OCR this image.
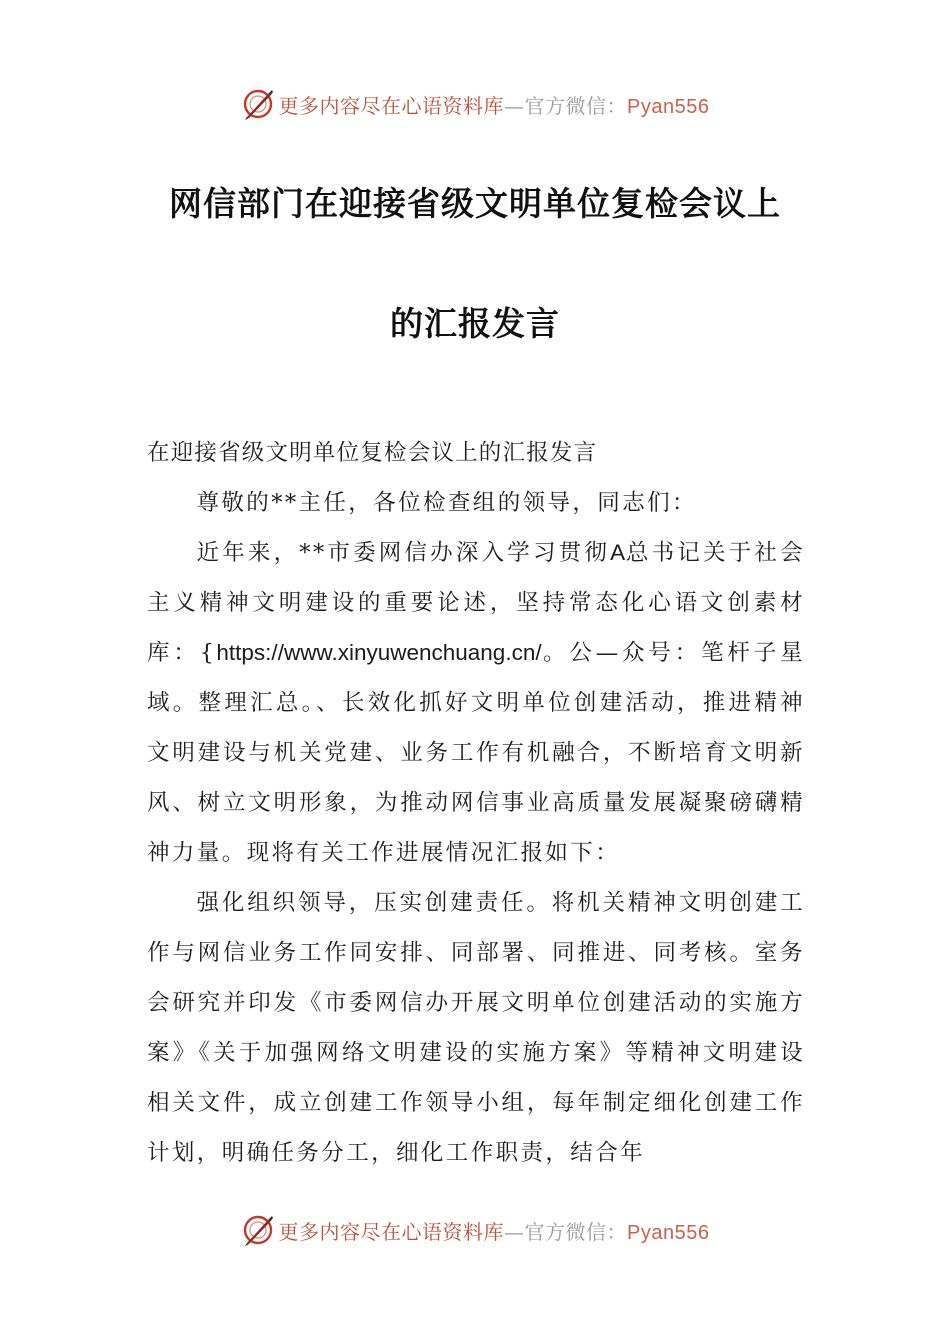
更多内容尽在心语资料库—官方微信：Pyan556
网信部门在迎接省级文明单位复检会议上
的汇报发言

在迎接省级文明单位复检会议上的汇报发言

尊敬的**主任，各位检查组的领导，同志们：

近年来，**市委网信办深入学习贯彻A总书记关于社会主义精神文明建设的重要论述，坚持常态化心语文创素材库：{https://www.xinyuwenchuang.cn/。公—众号：笔杆子星域。整理汇总。、长效化抓好文明单位创建活动，推进精神文明建设与机关党建、业务工作有机融合，不断培育文明新风、树立文明形象，为推动网信事业高质量发展凝聚磅礴精神力量。现将有关工作进展情况汇报如下：

强化组织领导，压实创建责任。将机关精神文明创建工作与网信业务工作同安排、同部署、同推进、同考核。室务会研究并印发《市委网信办开展文明单位创建活动的实施方案》《关于加强网络文明建设的实施方案》等精神文明建设相关文件，成立创建工作领导小组，每年制定细化创建工作计划，明确任务分工，细化工作职责，结合年

更多内容尽在心语资料库—官方微信：Pyan556
